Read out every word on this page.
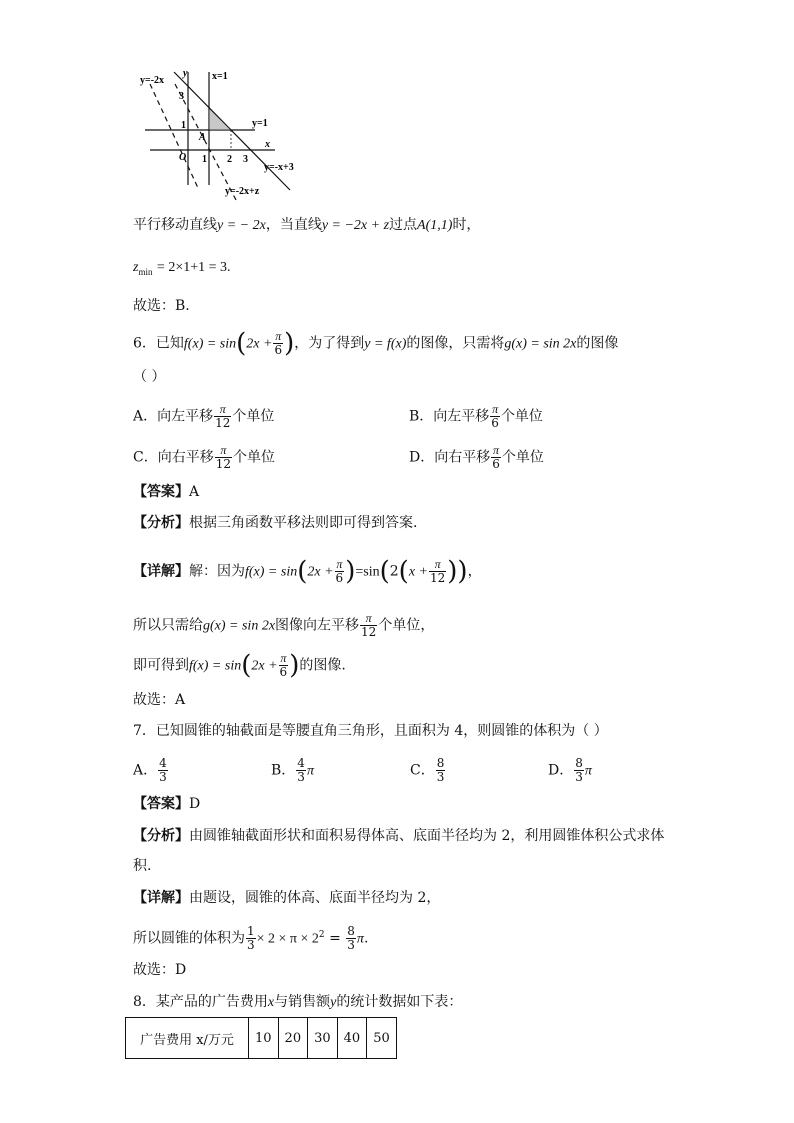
y=-2x
y x=1
3
1	y=1
A
x
O 1 2 3
y=-x+3
y=-2x+z
平行移动直线y = − 2x，当直线y = −2x + z过点A(1,1)时，
$z_{min} = 2\times 1+1 = 3$.
故选：B.
6．已知$f(x) = \sin(2x + \frac{\pi}{6}$ )，为了得到y = f(x)的图像，只需将g(x) = sin 2x的图像
（ ）
A．向左平移 $\frac{\pi}{12}$ 个单位	B．向左平移 $\frac{\pi}{6}$ 个单位
C．向右平移 $\frac{\pi}{12}$ 个单位	D．向右平移 $\frac{\pi}{6}$ 个单位
【答案】A
【分析】根据三角函数平移法则即可得到答案.
【详解】解：因为$f(x) = \sin(2x + \frac{\pi}{6} )=\sin(2(x + \frac{\pi}{12}$ ))，
所以只需给g(x) = sin 2x图像向左平移 $\frac{\pi}{12}$ 个单位，
即可得到$f(x) = \sin(2x + \frac{\pi}{6}$ )的图像.
故选：A
7．已知圆锥的轴截面是等腰直角三角形，且面积为 4，则圆锥的体积为（ ）
A． $\frac{4}{3}$	B． $\frac{4}{3}$ π	C． $\frac{8}{3}$	D． $\frac{8}{3}$ π
【答案】D
【分析】由圆锥轴截面形状和面积易得体高、底面半径均为 2，利用圆锥体积公式求体
积.
【详解】由题设，圆锥的体高、底面半径均为 2，
所以圆锥的体积为 $\frac{1}{3} \times 2 \times \pi \times 2^2 = \frac{8}{3} \pi$.
故选：D
8．某产品的广告费用x与销售额y的统计数据如下表：
广告费用 x/万元	10	20	30	40	50
